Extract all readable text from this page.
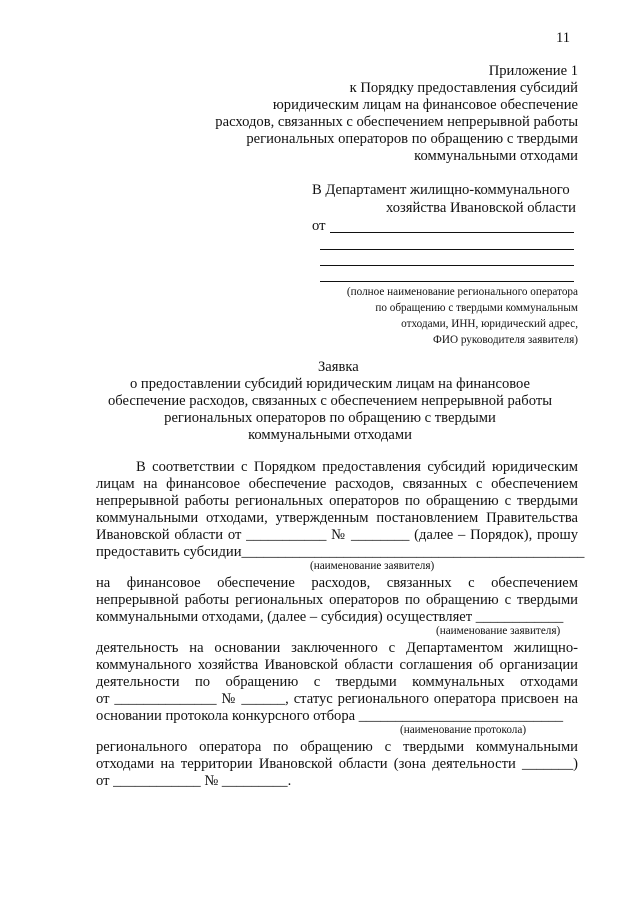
11
Приложение 1
к Порядку предоставления субсидий
юридическим лицам на финансовое обеспечение
расходов, связанных с обеспечением непрерывной работы
региональных операторов по обращению с твердыми
коммунальными отходами
В Департамент жилищно-коммунального
хозяйства Ивановской области
от
(полное наименование регионального оператора
по обращению с твердыми коммунальным
отходами, ИНН, юридический адрес,
ФИО руководителя заявителя)
Заявка
о предоставлении субсидий юридическим лицам на финансовое
обеспечение расходов, связанных с обеспечением непрерывной работы
региональных операторов по обращению с твердыми
коммунальными отходами
В соответствии с Порядком предоставления субсидий юридическим
лицам на финансовое обеспечение расходов, связанных с обеспечением
непрерывной работы региональных операторов по обращению с твердыми
коммунальными отходами, утвержденным постановлением Правительства
Ивановской области от ___________ № ________ (далее – Порядок), прошу
предоставить субсидии_______________________________________________
(наименование заявителя)
на финансовое обеспечение расходов, связанных с обеспечением
непрерывной работы региональных операторов по обращению с твердыми
коммунальными отходами, (далее – субсидия) осуществляет ____________
(наименование заявителя)
деятельность на основании заключенного с Департаментом жилищно-
коммунального хозяйства Ивановской области соглашения об организации
деятельности по обращению с твердыми коммунальных отходами
от ______________ № ______, статус регионального оператора присвоен на
основании протокола конкурсного отбора ____________________________
(наименование протокола)
регионального оператора по обращению с твердыми коммунальными
отходами на территории Ивановской области (зона деятельности _______)
от ____________ № _________.
